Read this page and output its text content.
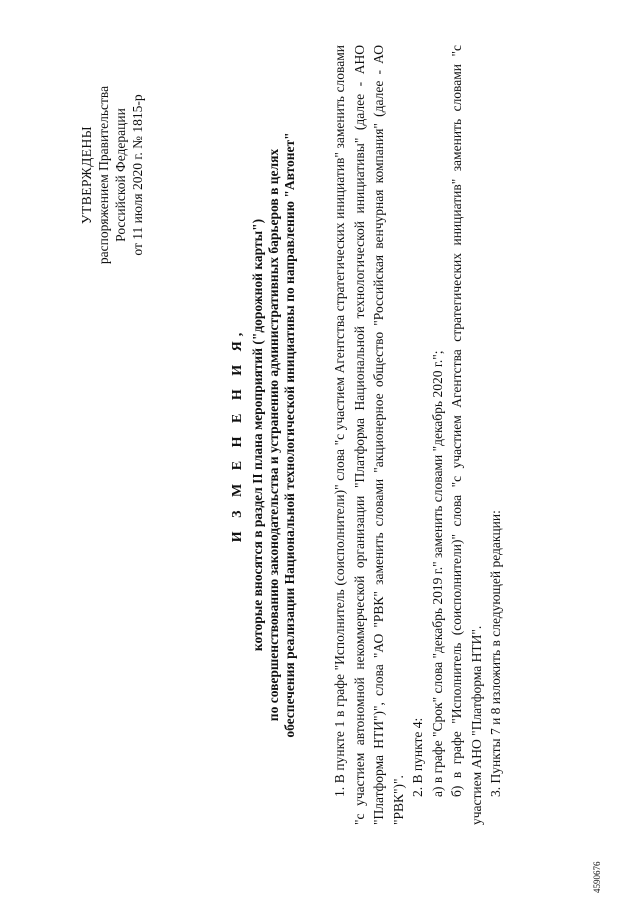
УТВЕРЖДЕНЫ распоряжением Правительства Российской Федерации от 11 июля 2020 г. № 1815-р
И З М Е Н Е Н И Я, которые вносятся в раздел II плана мероприятий ("дорожной карты") по совершенствованию законодательства и устранению административных барьеров в целях обеспечения реализации Национальной технологической инициативы по направлению "Автонет"	1. В пункте 1 в графе "Исполнитель (соисполнители)" слова "с участием Агентства стратегических инициатив" заменить словами "с участием автономной некоммерческой организации "Платформа Национальной технологической инициативы" (далее - АНО "Платформа НТИ")", слова "АО "РВК" заменить словами "акционерное общество "Российская венчурная компания" (далее - АО "РВК")".

2. В пункте 4: а) в графе "Срок" слова "декабрь 2019 г." заменить словами "декабрь 2020 г."; б) в графе "Исполнитель (соисполнители)" слова "с участием Агентства стратегических инициатив" заменить словами "с участием АНО "Платформа НТИ". 3. Пункты 7 и 8 изложить в следующей редакции:

4590676
